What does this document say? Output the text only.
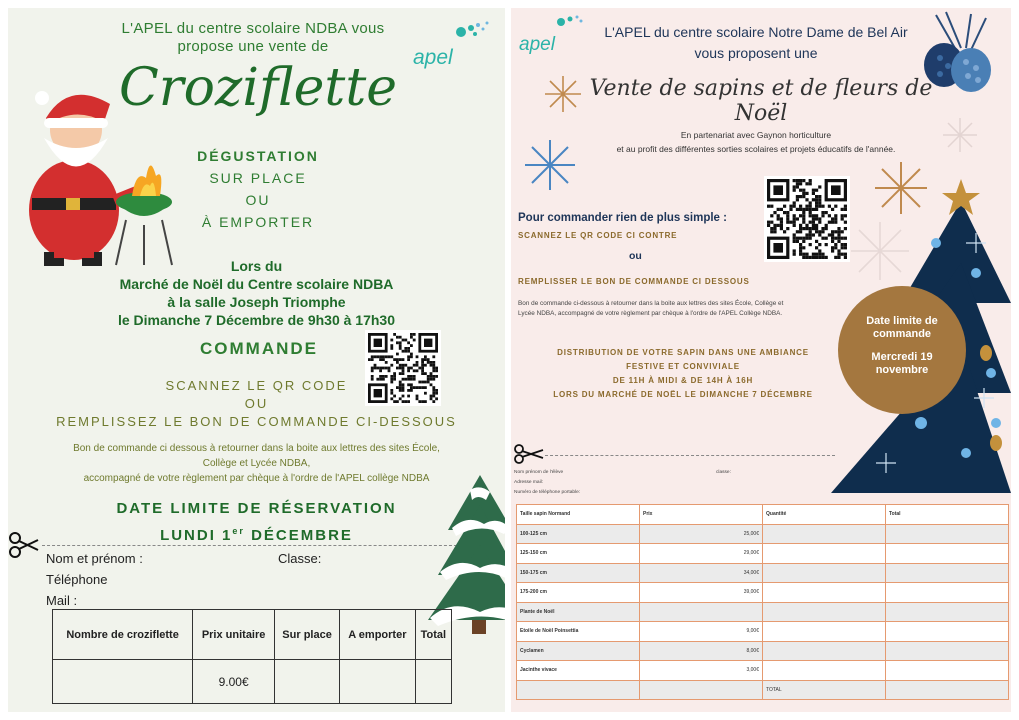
L'APEL du centre scolaire NDBA vous
propose une vente de	apel
Croziflette
DÉGUSTATION
SUR PLACE
OU
À EMPORTER
Lors du
Marché de Noël du Centre scolaire NDBA
à la salle Joseph Triomphe
le Dimanche 7 Décembre de 9h30 à 17h30
COMMANDE
SCANNEZ LE QR CODE
OU
REMPLISSEZ LE BON DE COMMANDE CI-DESSOUS
Bon de commande ci dessous à retourner dans la boite aux lettres des sites École,
Collège et Lycée NDBA,
accompagné de votre règlement par chèque à l'ordre de l'APEL collège NDBA
DATE LIMITE DE RÉSERVATION
LUNDI 1er DÉCEMBRE
Nom et prénom :
Téléphone
Mail :
Classe:
Nombre de croziflette	Prix unitaire	Sur place	A emporter	Total
	9.00€			
apel
L'APEL du centre scolaire Notre Dame de Bel Air
vous proposent une
Vente de sapins et de fleurs de Noël
En partenariat avec Gaynon horticulture
et au profit des différentes sorties scolaires et projets éducatifs de l'année.
Pour commander rien de plus simple :
SCANNEZ LE QR CODE CI CONTRE
ou
REMPLISSER LE BON DE COMMANDE CI DESSOUS
Bon de commande ci-dessous à retourner dans la boite aux lettres des sites École, Collège et
Lycée NDBA, accompagné de votre règlement par chèque à l'ordre de l'APEL Collège NDBA.
DISTRIBUTION DE VOTRE SAPIN DANS UNE AMBIANCE
FESTIVE ET CONVIVIALE
DE 11H À MIDI & DE 14H À 16H
LORS DU MARCHÉ DE NOËL LE DIMANCHE 7 DÉCEMBRE
Date limite de
commande
Mercredi 19
novembre
Nom prénom de l'élève
Adresse mail:
Numéro de téléphone portable:
classe:
Taille sapin Normand	Prix	Quantité	Total
100-125 cm	25,00€		
125-150 cm	29,00€		
150-175 cm	34,00€		
175-200 cm	39,00€		
Plante de Noël			
Etoile de Noël Poinsettia	9,00€		
Cyclamen	8,00€		
Jacinthe vivace	3,00€		
		TOTAL	
